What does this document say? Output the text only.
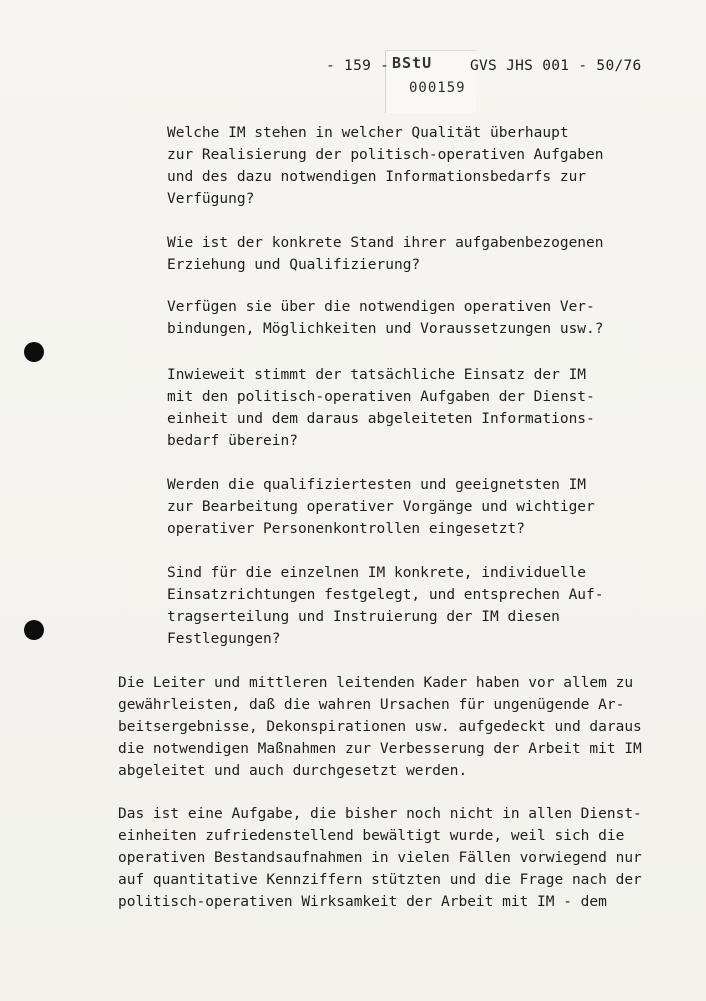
BStU
000159

- 159 -

	GVS JHS 001 - 50/76

Welche IM stehen in welcher Qualität überhaupt
zur Realisierung der politisch-operativen Aufgaben
und des dazu notwendigen Informationsbedarfs zur
Verfügung?
Wie ist der konkrete Stand ihrer aufgabenbezogenen
Erziehung und Qualifizierung?
Verfügen sie über die notwendigen operativen Ver-
bindungen, Möglichkeiten und Voraussetzungen usw.?
Inwieweit stimmt der tatsächliche Einsatz der IM
mit den politisch-operativen Aufgaben der Dienst-
einheit und dem daraus abgeleiteten Informations-
bedarf überein?
Werden die qualifiziertesten und geeignetsten IM
zur Bearbeitung operativer Vorgänge und wichtiger
operativer Personenkontrollen eingesetzt?
Sind für die einzelnen IM konkrete, individuelle
Einsatzrichtungen festgelegt, und entsprechen Auf-
tragserteilung und Instruierung der IM diesen
Festlegungen?
Die Leiter und mittleren leitenden Kader haben vor allem zu
gewährleisten, daß die wahren Ursachen für ungenügende Ar-
beitsergebnisse, Dekonspirationen usw. aufgedeckt und daraus
die notwendigen Maßnahmen zur Verbesserung der Arbeit mit IM
abgeleitet und auch durchgesetzt werden.
Das ist eine Aufgabe, die bisher noch nicht in allen Dienst-
einheiten zufriedenstellend bewältigt wurde, weil sich die
operativen Bestandsaufnahmen in vielen Fällen vorwiegend nur
auf quantitative Kennziffern stützten und die Frage nach der
politisch-operativen Wirksamkeit der Arbeit mit IM - dem
